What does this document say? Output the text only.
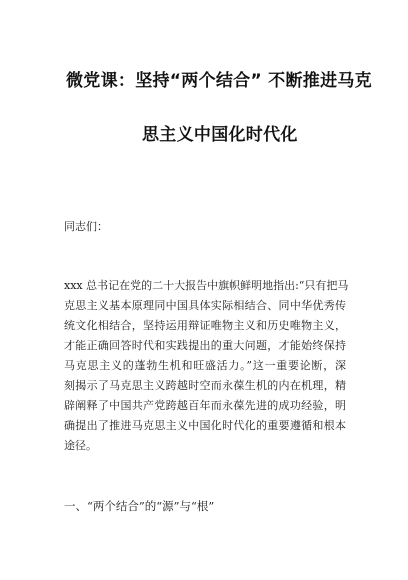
微党课：坚持“两个结合” 不断推进马克
思主义中国化时代化
同志们：
xxx 总书记在党的二十大报告中旗帜鲜明地指出:“只有把马
克思主义基本原理同中国具体实际相结合、同中华优秀传
统文化相结合，坚持运用辩证唯物主义和历史唯物主义，
才能正确回答时代和实践提出的重大问题，才能始终保持
马克思主义的蓬勃生机和旺盛活力。”这一重要论断，深
刻揭示了马克思主义跨越时空而永葆生机的内在机理，精
辟阐释了中国共产党跨越百年而永葆先进的成功经验，明
确提出了推进马克思主义中国化时代化的重要遵循和根本
途径。
一、“两个结合”的“源”与“根”
